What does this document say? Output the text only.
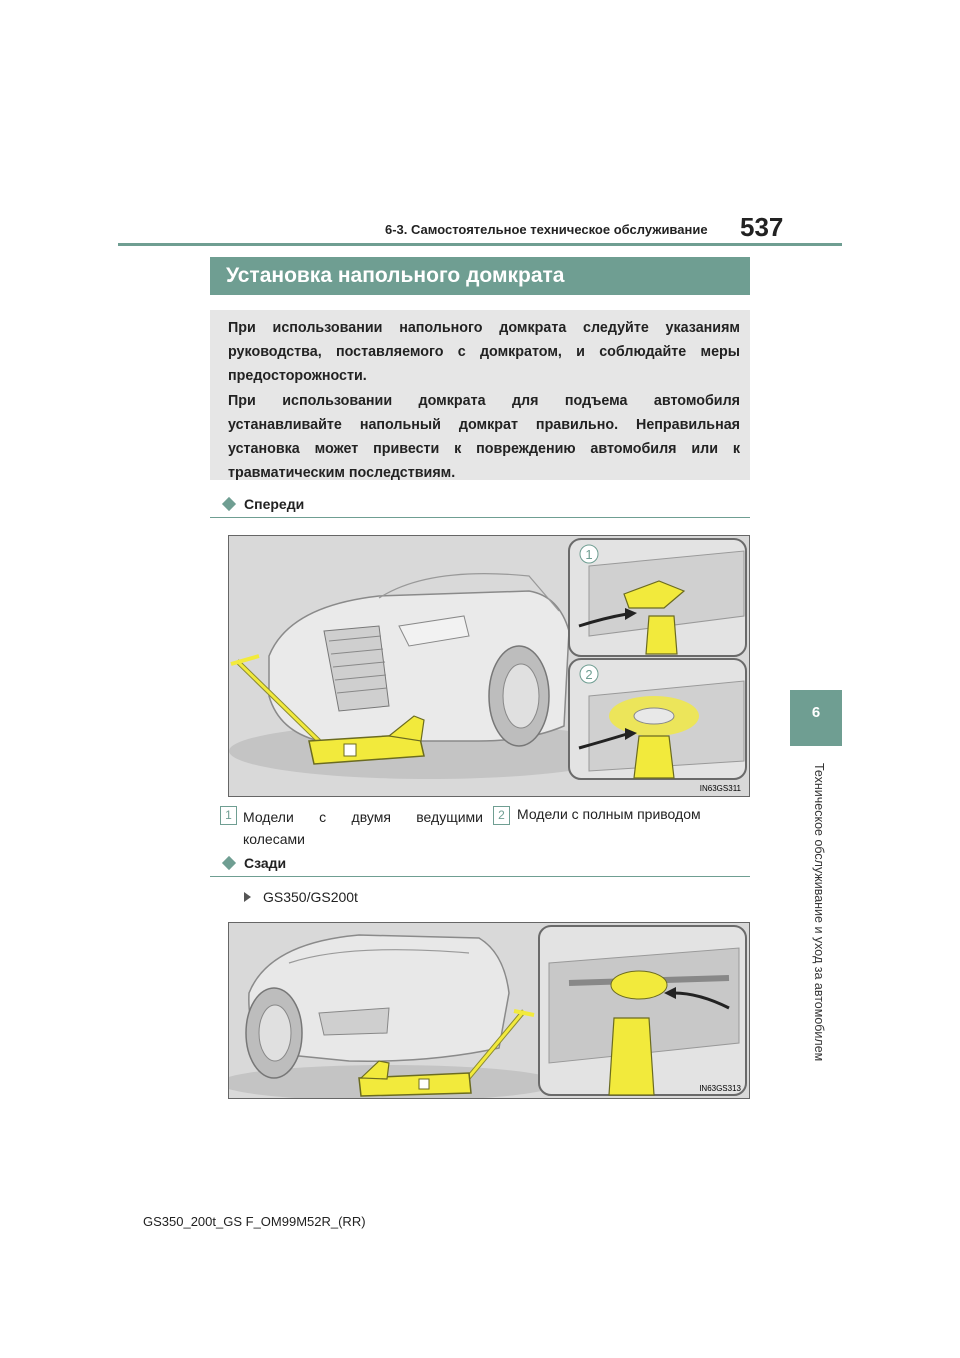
6-3. Самостоятельное техническое обслуживание 537
6
Техническое обслуживание и уход за автомобилем
Установка напольного домкрата
При использовании напольного домкрата следуйте указаниям руководства, поставляемого с домкратом, и соблюдайте меры предосторожности.
При использовании домкрата для подъема автомобиля устанавливайте напольный домкрат правильно. Неправильная установка может привести к повреждению автомобиля или к травматическим последствиям.
Спереди
1
2
IN63GS311
1 Модели с двумя ведущими колесами
2 Модели с полным приводом
Сзади
GS350/GS200t
IN63GS313
GS350_200t_GS F_OM99M52R_(RR)
